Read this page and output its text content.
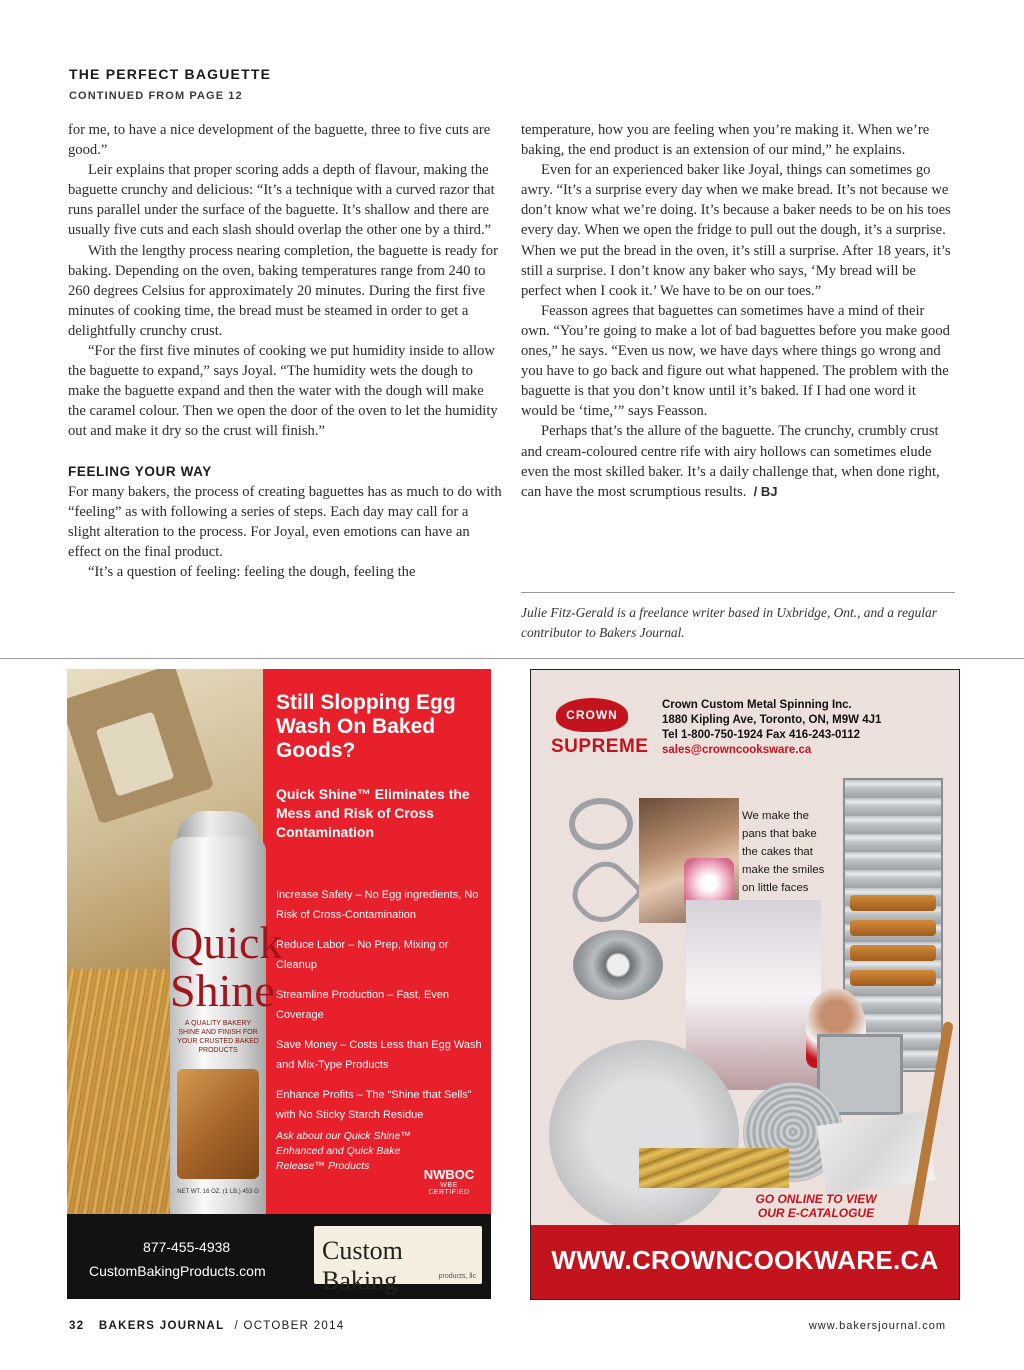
THE PERFECT BAGUETTE
CONTINUED FROM PAGE 12

for me, to have a nice development of the baguette, three to five cuts are good.”

Leir explains that proper scoring adds a depth of flavour, making the baguette crunchy and delicious: “It’s a technique with a curved razor that runs parallel under the surface of the baguette. It’s shallow and there are usually five cuts and each slash should overlap the other one by a third.”

With the lengthy process nearing completion, the baguette is ready for baking. Depending on the oven, baking temperatures range from 240 to 260 degrees Celsius for approximately 20 minutes. During the first five minutes of cooking time, the bread must be steamed in order to get a delightfully crunchy crust.

“For the first five minutes of cooking we put humidity inside to allow the baguette to expand,” says Joyal. “The humidity wets the dough to make the baguette expand and then the water with the dough will make the caramel colour. Then we open the door of the oven to let the humidity out and make it dry so the crust will finish.”

FEELING YOUR WAY

For many bakers, the process of creating baguettes has as much to do with “feeling” as with following a series of steps. Each day may call for a slight alteration to the process. For Joyal, even emotions can have an effect on the final product.

“It’s a question of feeling: feeling the dough, feeling the

temperature, how you are feeling when you’re making it. When we’re baking, the end product is an extension of our mind,” he explains.

Even for an experienced baker like Joyal, things can sometimes go awry. “It’s a surprise every day when we make bread. It’s not because we don’t know what we’re doing. It’s because a baker needs to be on his toes every day. When we open the fridge to pull out the dough, it’s a surprise. When we put the bread in the oven, it’s still a surprise. After 18 years, it’s still a surprise. I don’t know any baker who says, ‘My bread will be perfect when I cook it.’ We have to be on our toes.”

Feasson agrees that baguettes can sometimes have a mind of their own. “You’re going to make a lot of bad baguettes before you make good ones,” he says. “Even us now, we have days where things go wrong and you have to go back and figure out what happened. The problem with the baguette is that you don’t know until it’s baked. If I had one word it would be ‘time,’” says Feasson.

Perhaps that’s the allure of the baguette. The crunchy, crumbly crust and cream-coloured centre rife with airy hollows can sometimes elude even the most skilled baker. It’s a daily challenge that, when done right, can have the most scrumptious results. / BJ

Julie Fitz-Gerald is a freelance writer based in Uxbridge, Ont., and a regular contributor to Bakers Journal.
Quick Shine
A QUALITY BAKERY SHINE AND FINISH FOR YOUR CRUSTED BAKED PRODUCTS
NET WT. 16 OZ. (1 LB.) 453 G
Still Slopping Egg Wash On Baked Goods?
Quick Shine™ Eliminates the Mess and Risk of Cross Contamination
Increase Safety – No Egg ingredients, No Risk of Cross-Contamination
Reduce Labor – No Prep, Mixing or Cleanup
Streamline Production – Fast, Even Coverage
Save Money – Costs Less than Egg Wash and Mix-Type Products
Enhance Profits – The “Shine that Sells” with No Sticky Starch Residue
Ask about our Quick Shine™ Enhanced and Quick Bake Release™ Products
NWBOC
WBE CERTIFIED
877-455-4938
CustomBakingProducts.com
Custom Baking	products, llc
CROWN
SUPREME
Crown Custom Metal Spinning Inc.
1880 Kipling Ave, Toronto, ON, M9W 4J1
Tel 1-800-750-1924 Fax 416-243-0112
sales@crowncooksware.ca
We make the pans that bake the cakes that make the smiles on little faces
GO ONLINE TO VIEW OUR E-CATALOGUE
WWW.CROWNCOOKWARE.CA
32 BAKERS JOURNAL / OCTOBER 2014	www.bakersjournal.com
